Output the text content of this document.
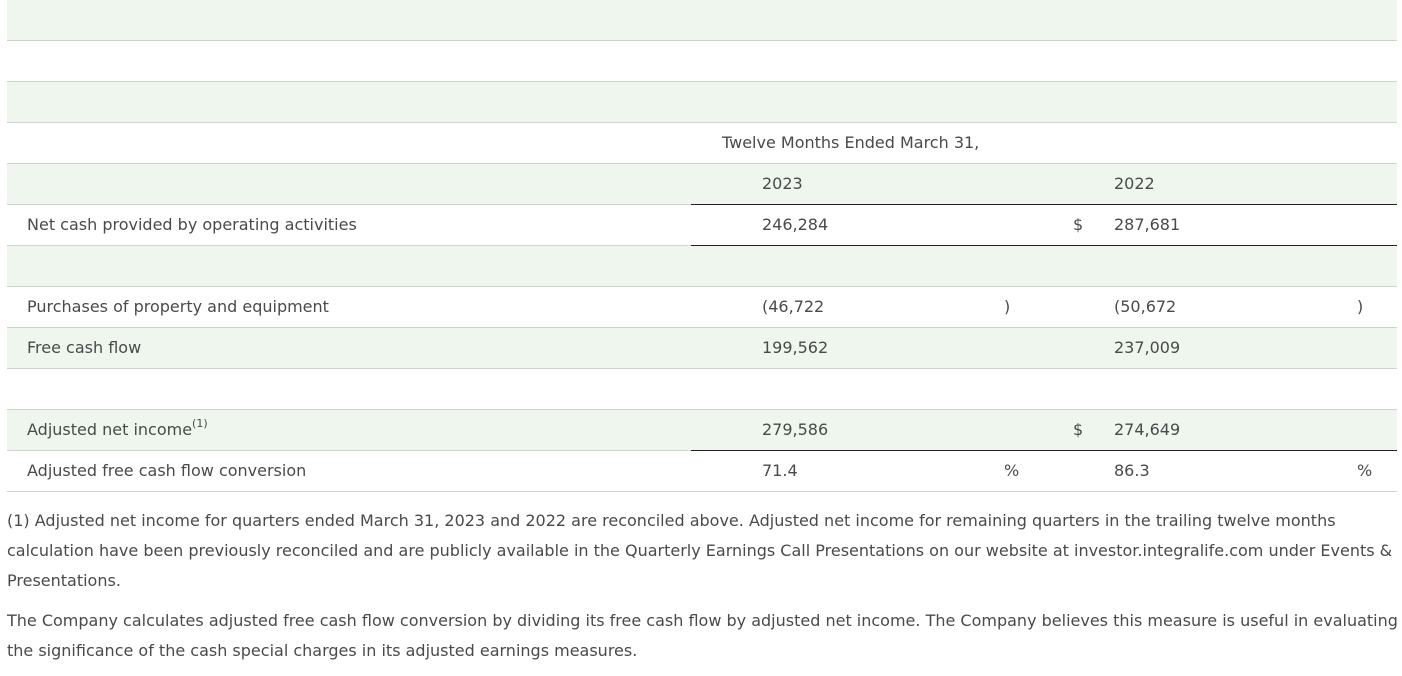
Twelve Months Ended March 31,
2023	2022
Net cash provided by operating activities	246,284	$ 287,681
Purchases of property and equipment	(46,722	)	(50,672	)
Free cash flow	199,562	237,009
Adjusted net income$^{(1)}$	279,586	$ 274,649
Adjusted free cash flow conversion	71.4	%	86.3	%

(1) Adjusted net income for quarters ended March 31, 2023 and 2022 are reconciled above. Adjusted net income for remaining quarters in the trailing twelve months calculation have been previously reconciled and are publicly available in the Quarterly Earnings Call Presentations on our website at investor.integralife.com under Events & Presentations.

The Company calculates adjusted free cash flow conversion by dividing its free cash flow by adjusted net income. The Company believes this measure is useful in evaluating the significance of the cash special charges in its adjusted earnings measures.
